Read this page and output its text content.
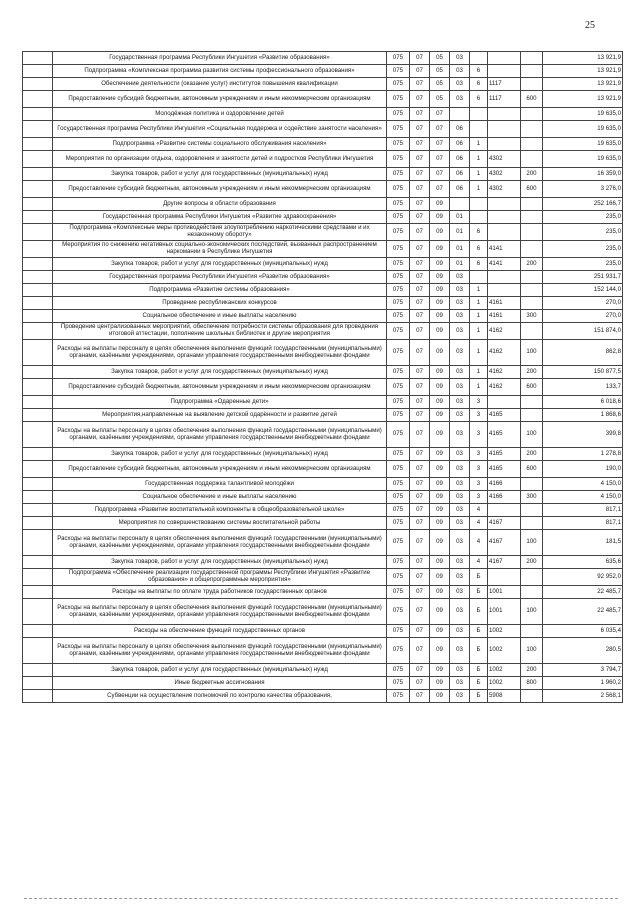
25
	Государственная программа Республики Ингушетия «Развитие образования»	075	07	05	03				13 921,9
	Подпрограмма «Комплексная программа развития системы профессионального образования»	075	07	05	03	6			13 921,9
	Обеспечение деятельности (оказание услуг) институтов повышения квалификации	075	07	05	03	6	1117		13 921,9
	Предоставление субсидий бюджетным, автономным учреждениям и иным некоммерческим организациям	075	07	05	03	6	1117	600	13 921,9
	Молодёжная политика и оздоровление детей	075	07	07					19 635,0
	Государственная программа Республики Ингушетия «Социальная поддержка и содействие занятости населения»	075	07	07	06				19 635,0
	Подпрограмма «Развитие системы социального обслуживания населения»	075	07	07	06	1			19 635,0
	Мероприятия по организации отдыха, оздоровления и занятости детей и подростков Республики Ингушетия	075	07	07	06	1	4302		19 635,0
	Закупка товаров, работ и услуг для государственных (муниципальных) нужд	075	07	07	06	1	4302	200	16 359,0
	Предоставление субсидий бюджетным, автономным учреждениям и иным некоммерческим организациям	075	07	07	06	1	4302	600	3 276,0
	Другие вопросы в области образования	075	07	09					252 166,7
	Государственная программа Республики Ингушетия «Развитие здравоохранения»	075	07	09	01				235,0
	Подпрограмма «Комплексные меры противодействия злоупотреблению наркотическими средствами и их незаконному обороту»	075	07	09	01	6			235,0
	Мероприятия по снижению негативных социально-экономических последствий, вызванных распространением наркомании в Республике Ингушетия	075	07	09	01	6	4141		235,0
	Закупка товаров, работ и услуг для государственных (муниципальных) нужд	075	07	09	01	6	4141	200	235,0
	Государственная программа Республики Ингушетия «Развитие образования»	075	07	09	03				251 931,7
	Подпрограмма «Развитие системы образования»	075	07	09	03	1			152 144,0
	Проведение республиканских конкурсов	075	07	09	03	1	4161		270,0
	Социальное обеспечение и иные выплаты населению	075	07	09	03	1	4161	300	270,0
	Проведение централизованных мероприятий, обеспечение потребности системы образования для проведения итоговой аттестации, пополнение школьных библиотек и другие мероприятия	075	07	09	03	1	4162		151 874,0
	Расходы на выплаты персоналу в целях обеспечения выполнения функций государственными (муниципальными) органами, казёнными учреждениями, органами управления государственными внебюджетными фондами	075	07	09	03	1	4162	100	862,8
	Закупка товаров, работ и услуг для государственных (муниципальных) нужд	075	07	09	03	1	4162	200	150 877,5
	Предоставление субсидий бюджетным, автономным учреждениям и иным некоммерческим организациям	075	07	09	03	1	4162	600	133,7
	Подпрограмма «Одаренные дети»	075	07	09	03	3			6 018,6
	Мероприятия,направленные на выявление детской одарённости и развитие детей	075	07	09	03	3	4165		1 868,6
	Расходы на выплаты персоналу в целях обеспечения выполнения функций государственными (муниципальными) органами, казёнными учреждениями, органами управления государственными внебюджетными фондами	075	07	09	03	3	4165	100	399,8
	Закупка товаров, работ и услуг для государственных (муниципальных) нужд	075	07	09	03	3	4165	200	1 278,8
	Предоставление субсидий бюджетным, автономным учреждениям и иным некоммерческим организациям	075	07	09	03	3	4165	600	190,0
	Государственная поддержка талантливой молодёжи	075	07	09	03	3	4166		4 150,0
	Социальное обеспечение и иные выплаты населению	075	07	09	03	3	4166	300	4 150,0
	Подпрограмма «Развитие воспитательной компоненты в общеобразовательной школе»	075	07	09	03	4			817,1
	Мероприятия по совершенствованию системы воспитательной работы	075	07	09	03	4	4167		817,1
	Расходы на выплаты персоналу в целях обеспечения выполнения функций государственными (муниципальными) органами, казёнными учреждениями, органами управления государственными внебюджетными фондами	075	07	09	03	4	4167	100	181,5
	Закупка товаров, работ и услуг для государственных (муниципальных) нужд	075	07	09	03	4	4167	200	635,6
	Подпрограмма «Обеспечение реализации государственной программы Республики Ингушетия «Развитие образования» и общепрограммные мероприятия»	075	07	09	03	Б			92 952,0
	Расходы на выплаты по оплате труда работников государственных органов	075	07	09	03	Б	1001		22 485,7
	Расходы на выплаты персоналу в целях обеспечения выполнения функций государственными (муниципальными) органами, казёнными учреждениями, органами управления государственными внебюджетными фондами	075	07	09	03	Б	1001	100	22 485,7
	Расходы на обеспечение функций государственных органов	075	07	09	03	Б	1002		6 035,4
	Расходы на выплаты персоналу в целях обеспечения выполнения функций государственными (муниципальными) органами, казёнными учреждениями, органами управления государственными внебюджетными фондами	075	07	09	03	Б	1002	100	280,5
	Закупка товаров, работ и услуг для государственных (муниципальных) нужд	075	07	09	03	Б	1002	200	3 794,7
	Иные бюджетные ассигнования	075	07	09	03	Б	1002	800	1 960,2
	Субвенции на осуществление полномочий по контролю качества образования,	075	07	09	03	Б	5908		2 568,1
